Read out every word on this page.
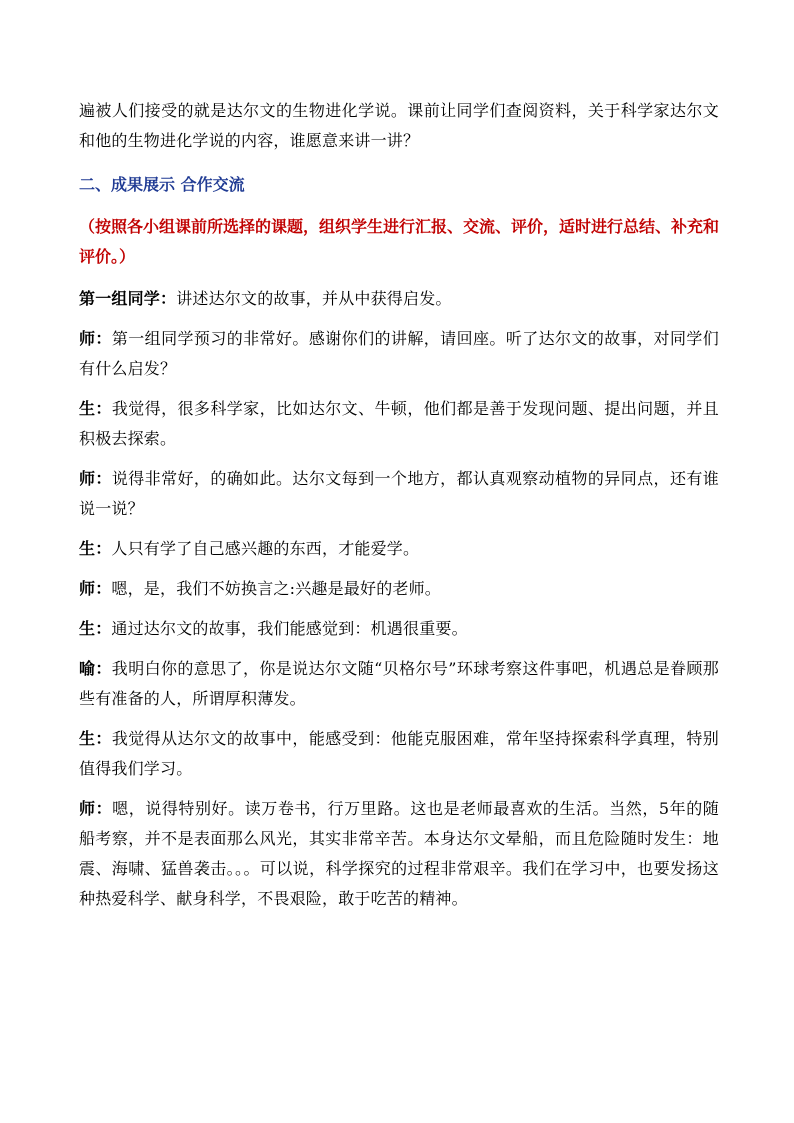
遍被人们接受的就是达尔文的生物进化学说。课前让同学们查阅资料，关于科学家达尔文和他的生物进化学说的内容，谁愿意来讲一讲？

二、成果展示 合作交流
（按照各小组课前所选择的课题，组织学生进行汇报、交流、评价，适时进行总结、补充和评价。）

第一组同学：讲述达尔文的故事，并从中获得启发。

师：第一组同学预习的非常好。感谢你们的讲解，请回座。听了达尔文的故事，对同学们有什么启发？

生：我觉得，很多科学家，比如达尔文、牛顿，他们都是善于发现问题、提出问题，并且积极去探索。

师：说得非常好，的确如此。达尔文每到一个地方，都认真观察动植物的异同点，还有谁说一说？

生：人只有学了自己感兴趣的东西，才能爱学。

师：嗯，是，我们不妨换言之:兴趣是最好的老师。

生：通过达尔文的故事，我们能感觉到：机遇很重要。

喻：我明白你的意思了，你是说达尔文随“贝格尔号”环球考察这件事吧，机遇总是眷顾那些有准备的人，所谓厚积薄发。

生：我觉得从达尔文的故事中，能感受到：他能克服困难，常年坚持探索科学真理，特别值得我们学习。

师：嗯，说得特别好。读万卷书，行万里路。这也是老师最喜欢的生活。当然，5年的随船考察，并不是表面那么风光，其实非常辛苦。本身达尔文晕船，而且危险随时发生：地震、海啸、猛兽袭击。。。可以说，科学探究的过程非常艰辛。我们在学习中，也要发扬这种热爱科学、献身科学，不畏艰险，敢于吃苦的精神。
